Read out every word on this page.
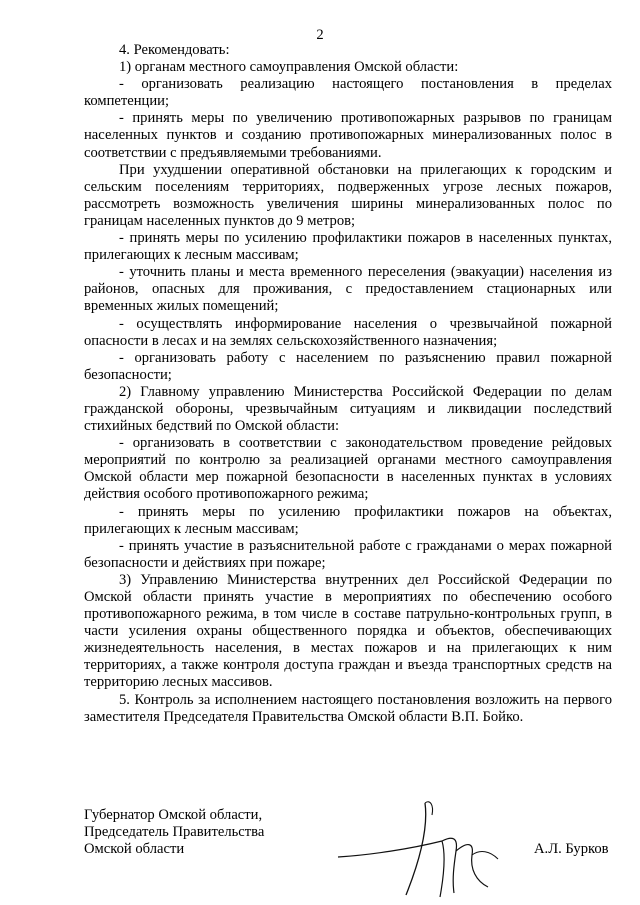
2

4. Рекомендовать:

1) органам местного самоуправления Омской области:

- организовать реализацию настоящего постановления в пределах компетенции;

- принять меры по увеличению противопожарных разрывов по границам населенных пунктов и созданию противопожарных минерализованных полос в соответствии с предъявляемыми требованиями.

При ухудшении оперативной обстановки на прилегающих к городским и сельским поселениям территориях, подверженных угрозе лесных пожаров, рассмотреть возможность увеличения ширины минерализованных полос по границам населенных пунктов до 9 метров;

- принять меры по усилению профилактики пожаров в населенных пунктах, прилегающих к лесным массивам;

- уточнить планы и места временного переселения (эвакуации) населения из районов, опасных для проживания, с предоставлением стационарных или временных жилых помещений;

- осуществлять информирование населения о чрезвычайной пожарной опасности в лесах и на землях сельскохозяйственного назначения;

- организовать работу с населением по разъяснению правил пожарной безопасности;

2) Главному управлению Министерства Российской Федерации по делам гражданской обороны, чрезвычайным ситуациям и ликвидации последствий стихийных бедствий по Омской области:

- организовать в соответствии с законодательством проведение рейдовых мероприятий по контролю за реализацией органами местного самоуправления Омской области мер пожарной безопасности в населенных пунктах в условиях действия особого противопожарного режима;

- принять меры по усилению профилактики пожаров на объектах, прилегающих к лесным массивам;

- принять участие в разъяснительной работе с гражданами о мерах пожарной безопасности и действиях при пожаре;

3) Управлению Министерства внутренних дел Российской Федерации по Омской области принять участие в мероприятиях по обеспечению особого противопожарного режима, в том числе в составе патрульно-контрольных групп, в части усиления охраны общественного порядка и объектов, обеспечивающих жизнедеятельность населения, в местах пожаров и на прилегающих к ним территориях, а также контроля доступа граждан и въезда транспортных средств на территорию лесных массивов.

5. Контроль за исполнением настоящего постановления возложить на первого заместителя Председателя Правительства Омской области В.П. Бойко.

Губернатор Омской области,
Председатель Правительства
Омской области	А.Л. Бурков
